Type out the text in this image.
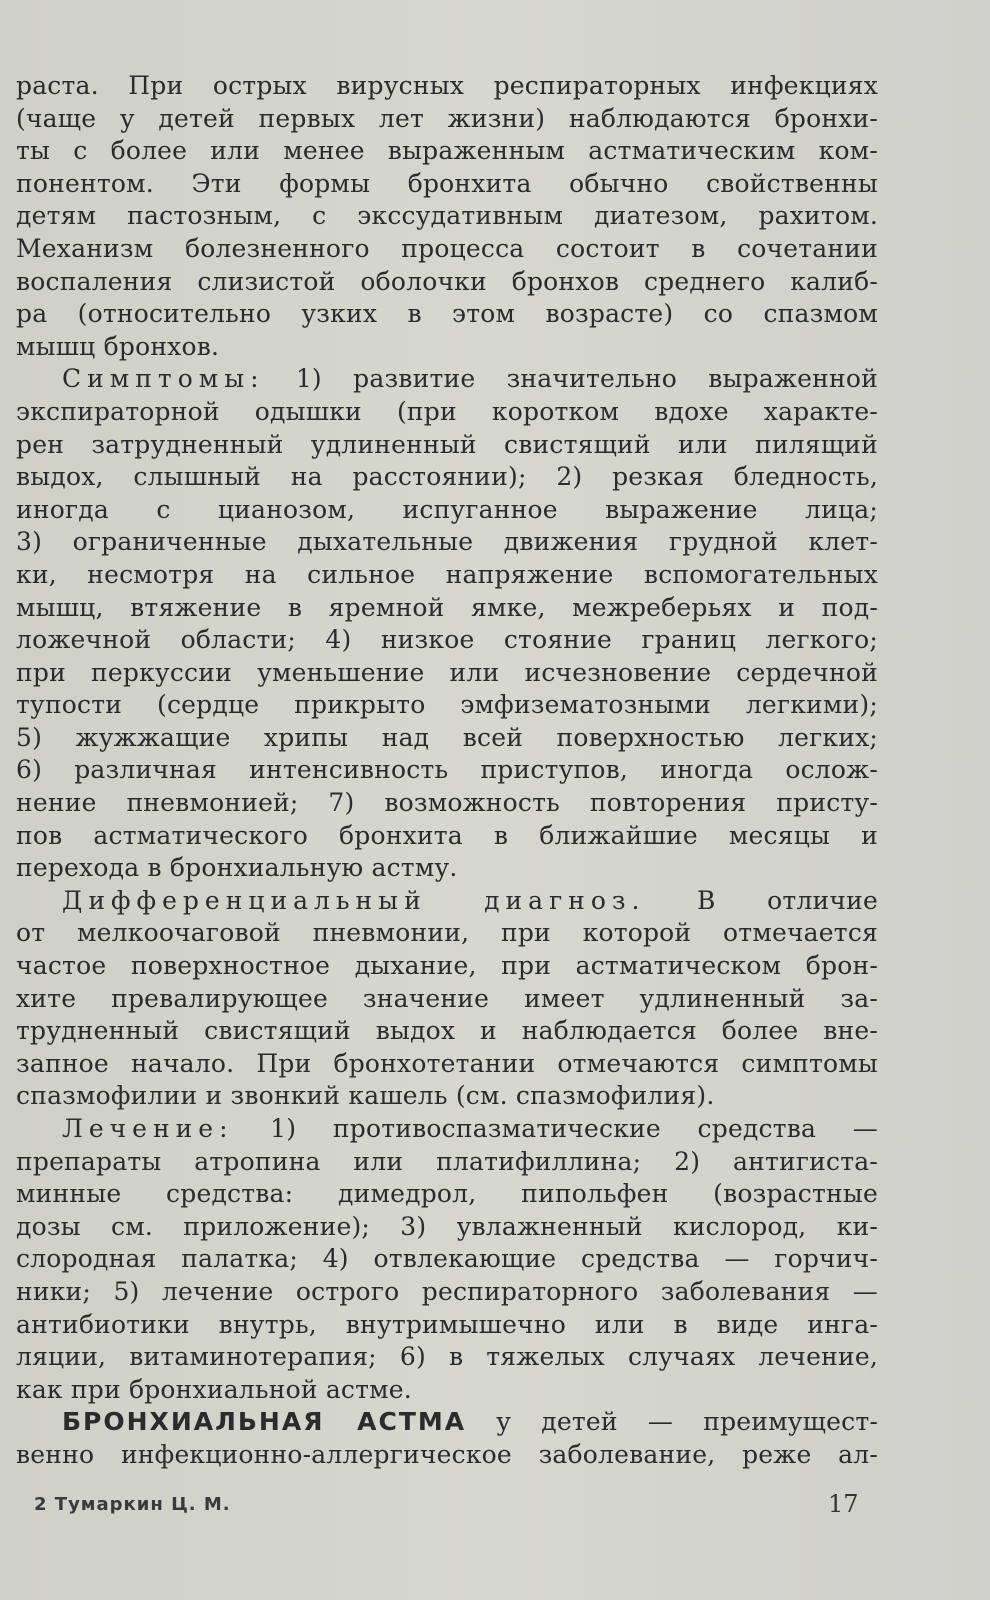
раста. При острых вирусных респираторных инфекциях
(чаще у детей первых лет жизни) наблюдаются бронхи-
ты с более или менее выраженным астматическим ком-
понентом. Эти формы бронхита обычно свойственны
детям пастозным, с экссудативным диатезом, рахитом.
Механизм болезненного процесса состоит в сочетании
воспаления слизистой оболочки бронхов среднего калиб-
ра (относительно узких в этом возрасте) со спазмом
мышц бронхов.
Симптомы: 1) развитие значительно выраженной
экспираторной одышки (при коротком вдохе характе-
рен затрудненный удлиненный свистящий или пилящий
выдох, слышный на расстоянии); 2) резкая бледность,
иногда с цианозом, испуганное выражение лица;
3) ограниченные дыхательные движения грудной клет-
ки, несмотря на сильное напряжение вспомогательных
мышц, втяжение в яремной ямке, межреберьях и под-
ложечной области; 4) низкое стояние границ легкого;
при перкуссии уменьшение или исчезновение сердечной
тупости (сердце прикрыто эмфизематозными легкими);
5) жужжащие хрипы над всей поверхностью легких;
6) различная интенсивность приступов, иногда ослож-
нение пневмонией; 7) возможность повторения присту-
пов астматического бронхита в ближайшие месяцы и
перехода в бронхиальную астму.
Дифференциальный диагноз. В отличие
от мелкоочаговой пневмонии, при которой отмечается
частое поверхностное дыхание, при астматическом брон-
хите превалирующее значение имеет удлиненный за-
трудненный свистящий выдох и наблюдается более вне-
запное начало. При бронхотетании отмечаются симптомы
спазмофилии и звонкий кашель (см. спазмофилия).
Лечение: 1) противоспазматические средства —
препараты атропина или платифиллина; 2) антигиста-
минные средства: димедрол, пипольфен (возрастные
дозы см. приложение); 3) увлажненный кислород, ки-
слородная палатка; 4) отвлекающие средства — горчич-
ники; 5) лечение острого респираторного заболевания —
антибиотики внутрь, внутримышечно или в виде инга-
ляции, витаминотерапия; 6) в тяжелых случаях лечение,
как при бронхиальной астме.
БРОНХИАЛЬНАЯ АСТМА у детей — преимущест-
венно инфекционно-аллергическое заболевание, реже ал-
2 Тумаркин Ц. М.	17
